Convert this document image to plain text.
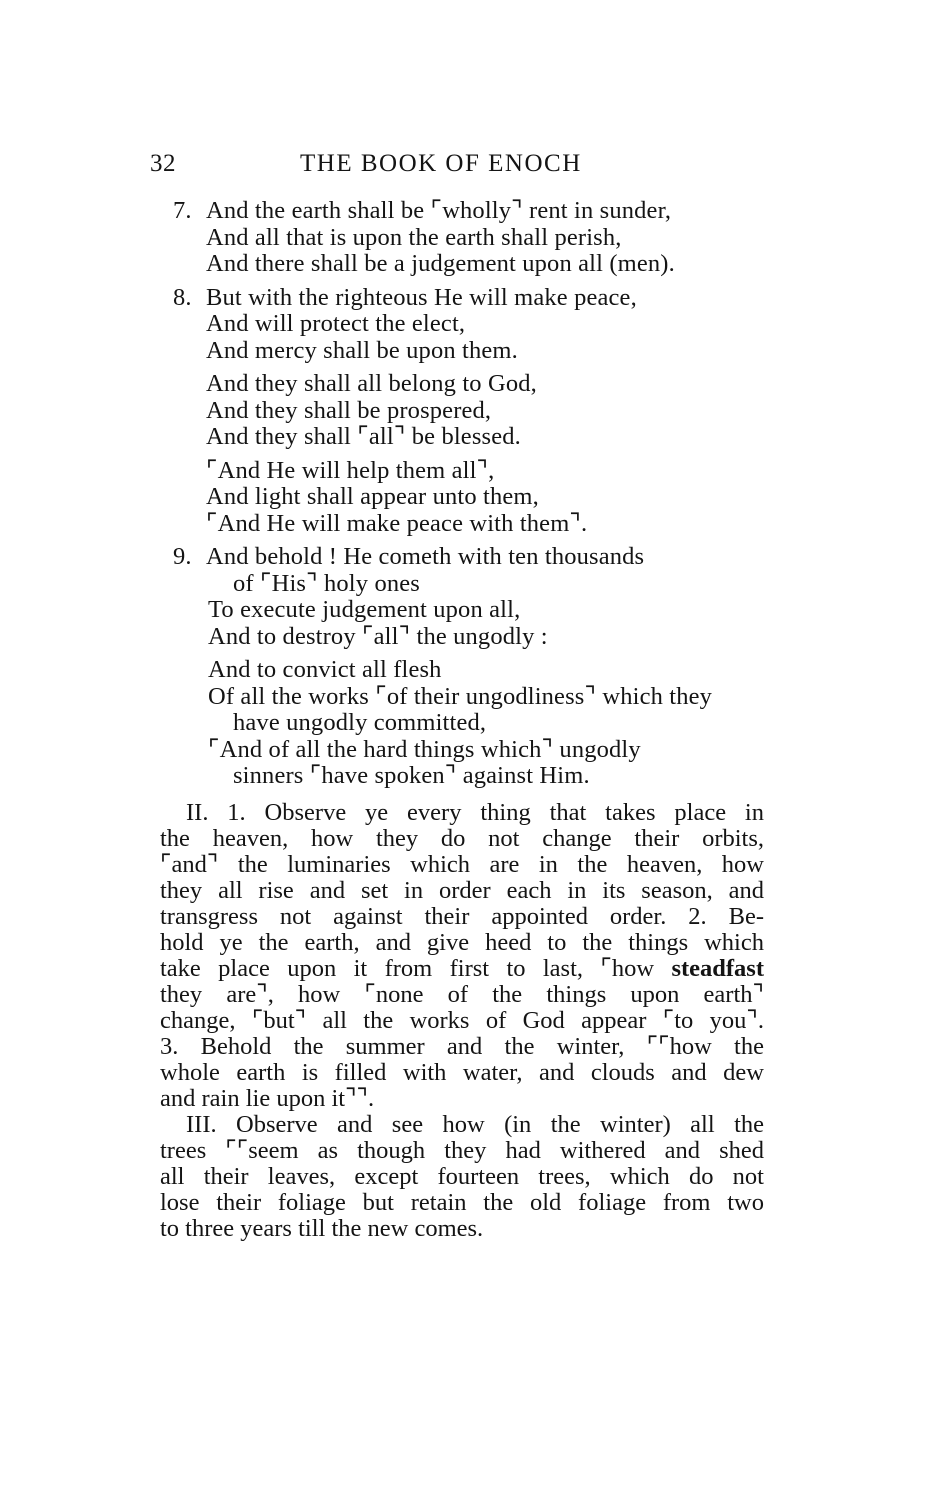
32	THE BOOK OF ENOCH
7. And the earth shall be ⌜wholly⌝ rent in sunder,
And all that is upon the earth shall perish,
And there shall be a judgement upon all (men).
8. But with the righteous He will make peace,
And will protect the elect,
And mercy shall be upon them.
And they shall all belong to God,
And they shall be prospered,
And they shall ⌜all⌝ be blessed.
⌜And He will help them all⌝,
And light shall appear unto them,
⌜And He will make peace with them⌝.
9. And behold ! He cometh with ten thousands
of ⌜His⌝ holy ones
To execute judgement upon all,
And to destroy ⌜all⌝ the ungodly :
And to convict all flesh
Of all the works ⌜of their ungodliness⌝ which they
have ungodly committed,
⌜And of all the hard things which⌝ ungodly
sinners ⌜have spoken⌝ against Him.
II. 1. Observe ye every thing that takes place in
the heaven, how they do not change their orbits,
⌜and⌝ the luminaries which are in the heaven, how
they all rise and set in order each in its season, and
transgress not against their appointed order. 2. Be-
hold ye the earth, and give heed to the things which
take place upon it from first to last, ⌜how steadfast
they are⌝, how ⌜none of the things upon earth⌝
change, ⌜but⌝ all the works of God appear ⌜to you⌝.
3. Behold the summer and the winter, ⌜⌜how the
whole earth is filled with water, and clouds and dew
and rain lie upon it⌝⌝.
III. Observe and see how (in the winter) all the
trees ⌜⌜seem as though they had withered and shed
all their leaves, except fourteen trees, which do not
lose their foliage but retain the old foliage from two
to three years till the new comes.
